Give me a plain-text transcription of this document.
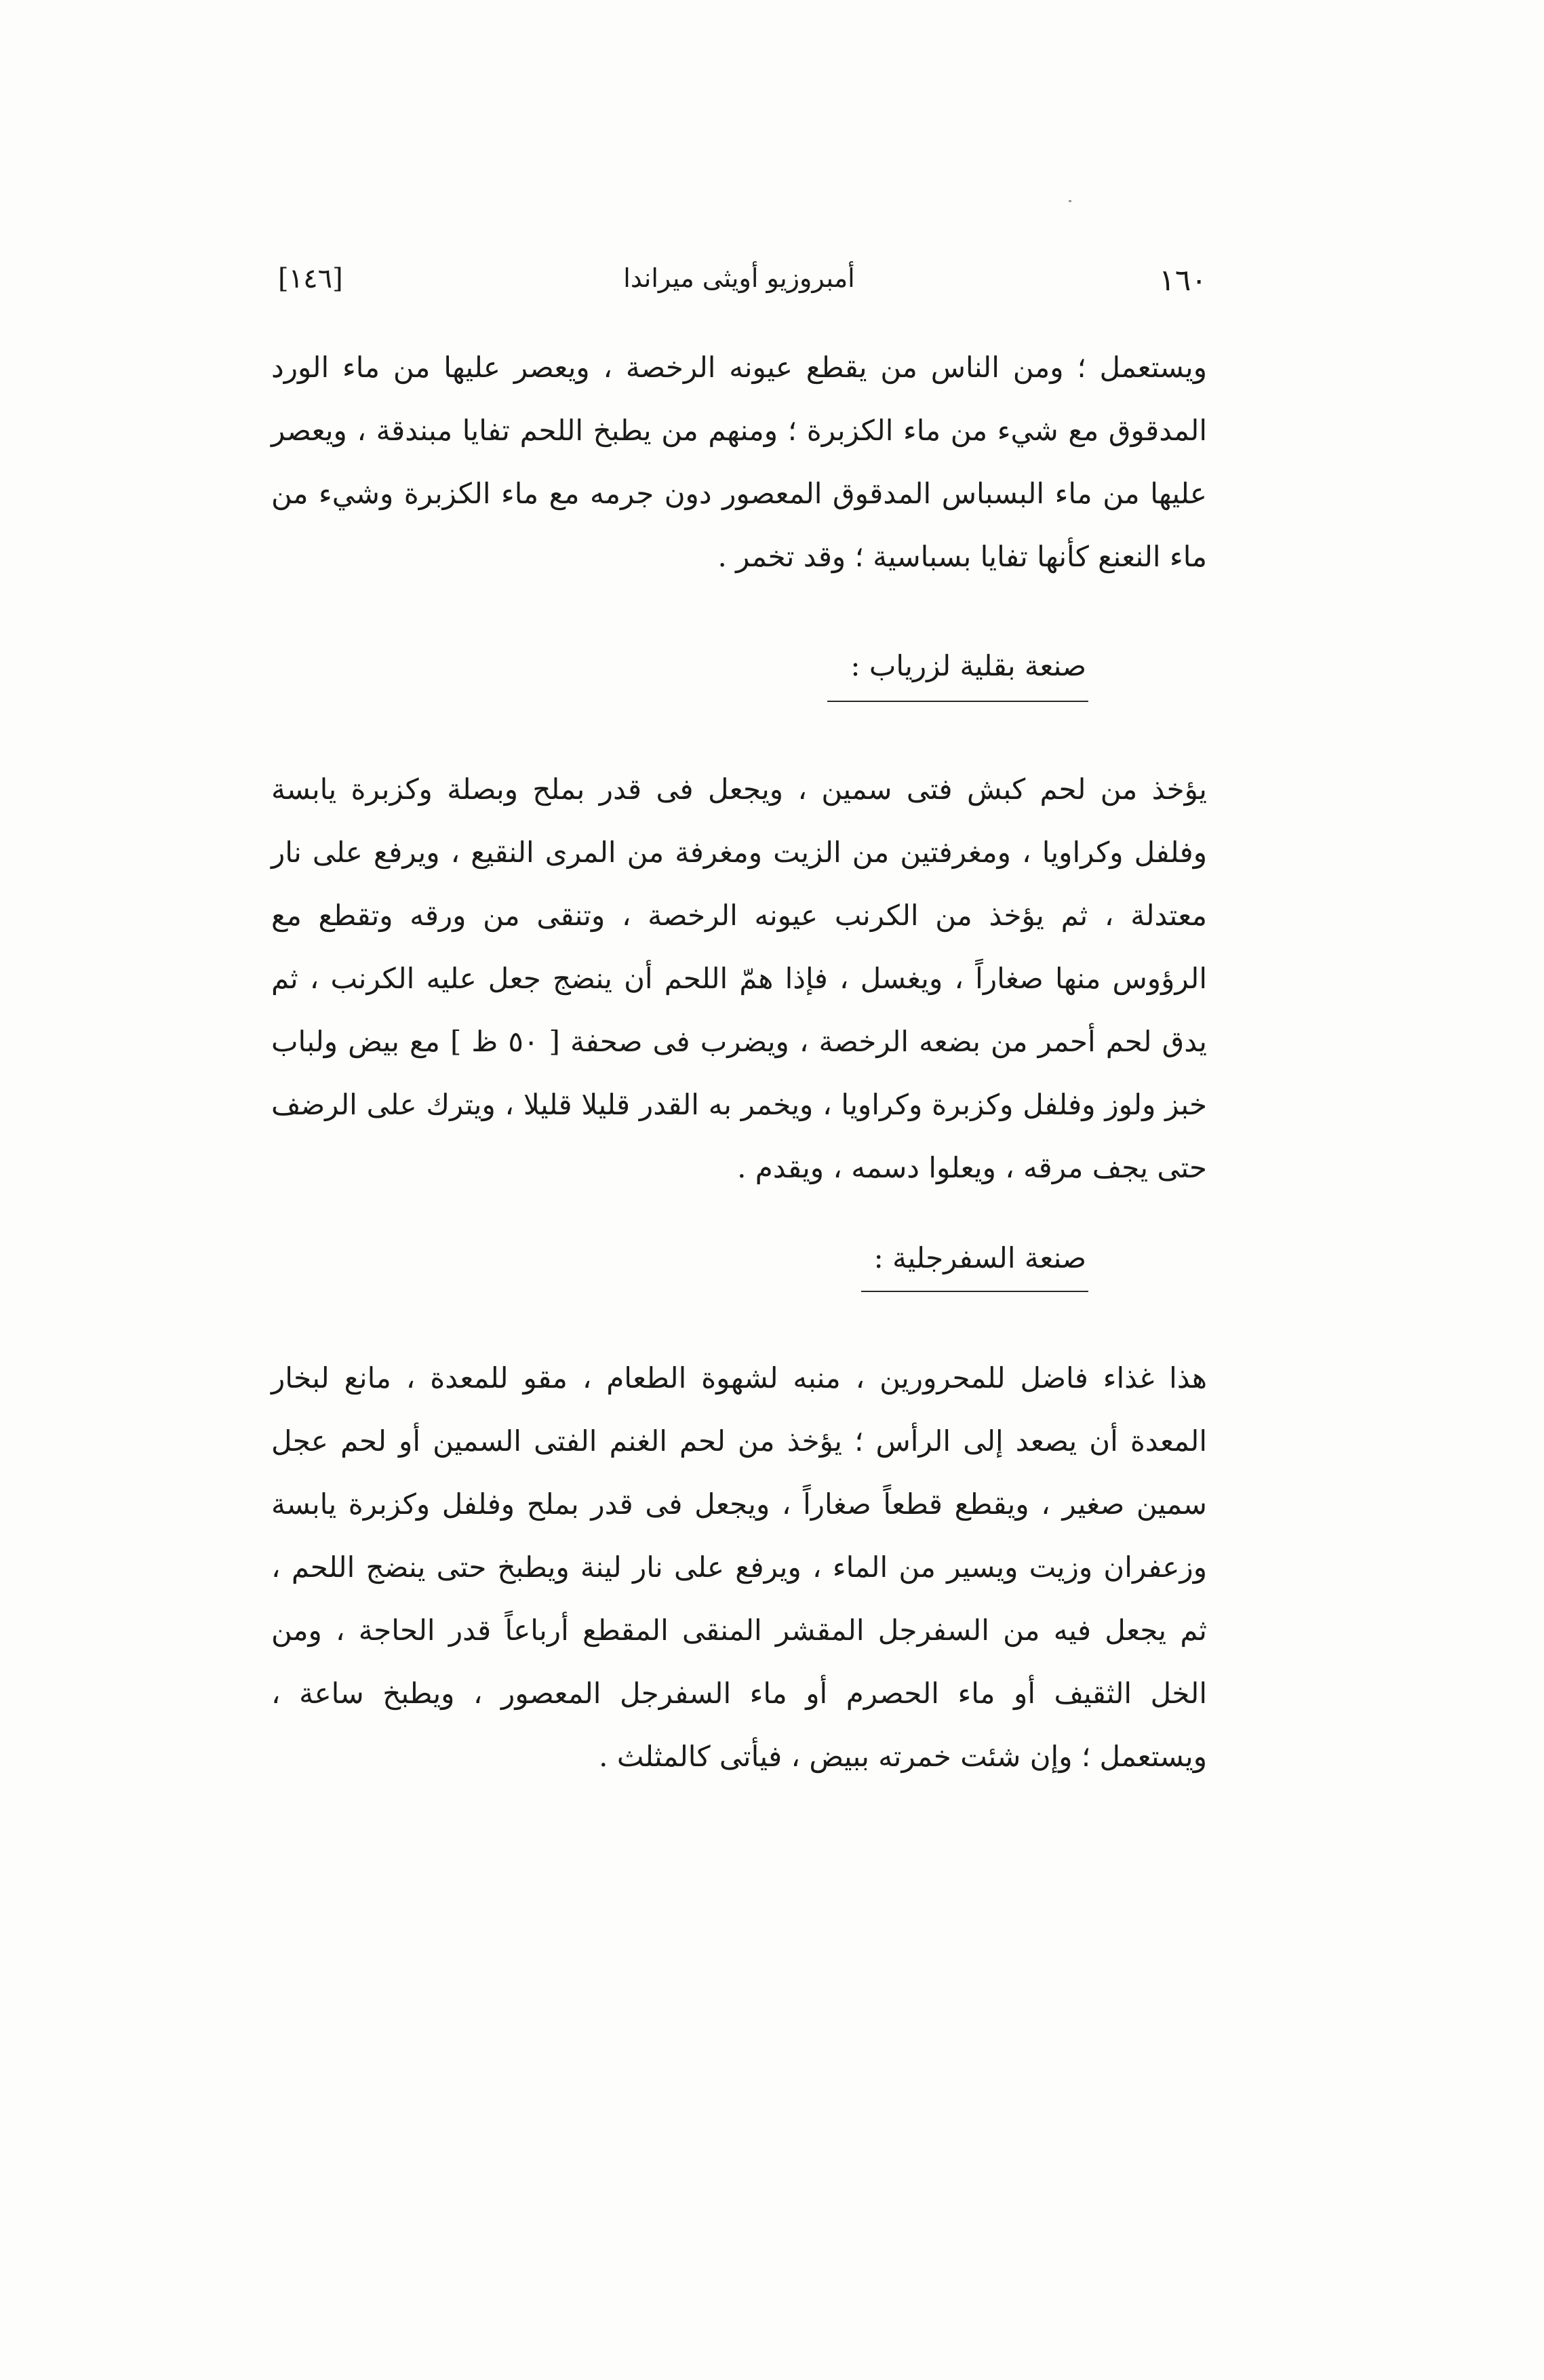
١٦٠
أمبروزيو أويثى ميراندا
[١٤٦]

ويستعمل ؛ ومن الناس من يقطع عيونه الرخصة ، ويعصر عليها من ماء الورد المدقوق مع شيء من ماء الكزبرة ؛ ومنهم من يطبخ اللحم تفايا مبندقة ، ويعصر عليها من ماء البسباس المدقوق المعصور دون جرمه مع ماء الكزبرة وشيء من ماء النعنع كأنها تفايا بسباسية ؛ وقد تخمر .

صنعة بقلية لزرياب :

يؤخذ من لحم كبش فتى سمين ، ويجعل فى قدر بملح وبصلة وكزبرة يابسة وفلفل وكراويا ، ومغرفتين من الزيت ومغرفة من المرى النقيع ، ويرفع على نار معتدلة ، ثم يؤخذ من الكرنب عيونه الرخصة ، وتنقى من ورقه وتقطع مع الرؤوس منها صغاراً ، ويغسل ، فإذا همّ اللحم أن ينضج جعل عليه الكرنب ، ثم يدق لحم أحمر من بضعه الرخصة ، ويضرب فى صحفة [ ٥٠ ظ ] مع بيض ولباب خبز ولوز وفلفل وكزبرة وكراويا ، ويخمر به القدر قليلا قليلا ، ويترك على الرضف حتى يجف مرقه ، ويعلوا دسمه ، ويقدم .

صنعة السفرجلية :

هذا غذاء فاضل للمحرورين ، منبه لشهوة الطعام ، مقو للمعدة ، مانع لبخار المعدة أن يصعد إلى الرأس ؛ يؤخذ من لحم الغنم الفتى السمين أو لحم عجل سمين صغير ، ويقطع قطعاً صغاراً ، ويجعل فى قدر بملح وفلفل وكزبرة يابسة وزعفران وزيت ويسير من الماء ، ويرفع على نار لينة ويطبخ حتى ينضج اللحم ، ثم يجعل فيه من السفرجل المقشر المنقى المقطع أرباعاً قدر الحاجة ، ومن الخل الثقيف أو ماء الحصرم أو ماء السفرجل المعصور ، ويطبخ ساعة ، ويستعمل ؛ وإن شئت خمرته ببيض ، فيأتى كالمثلث .
